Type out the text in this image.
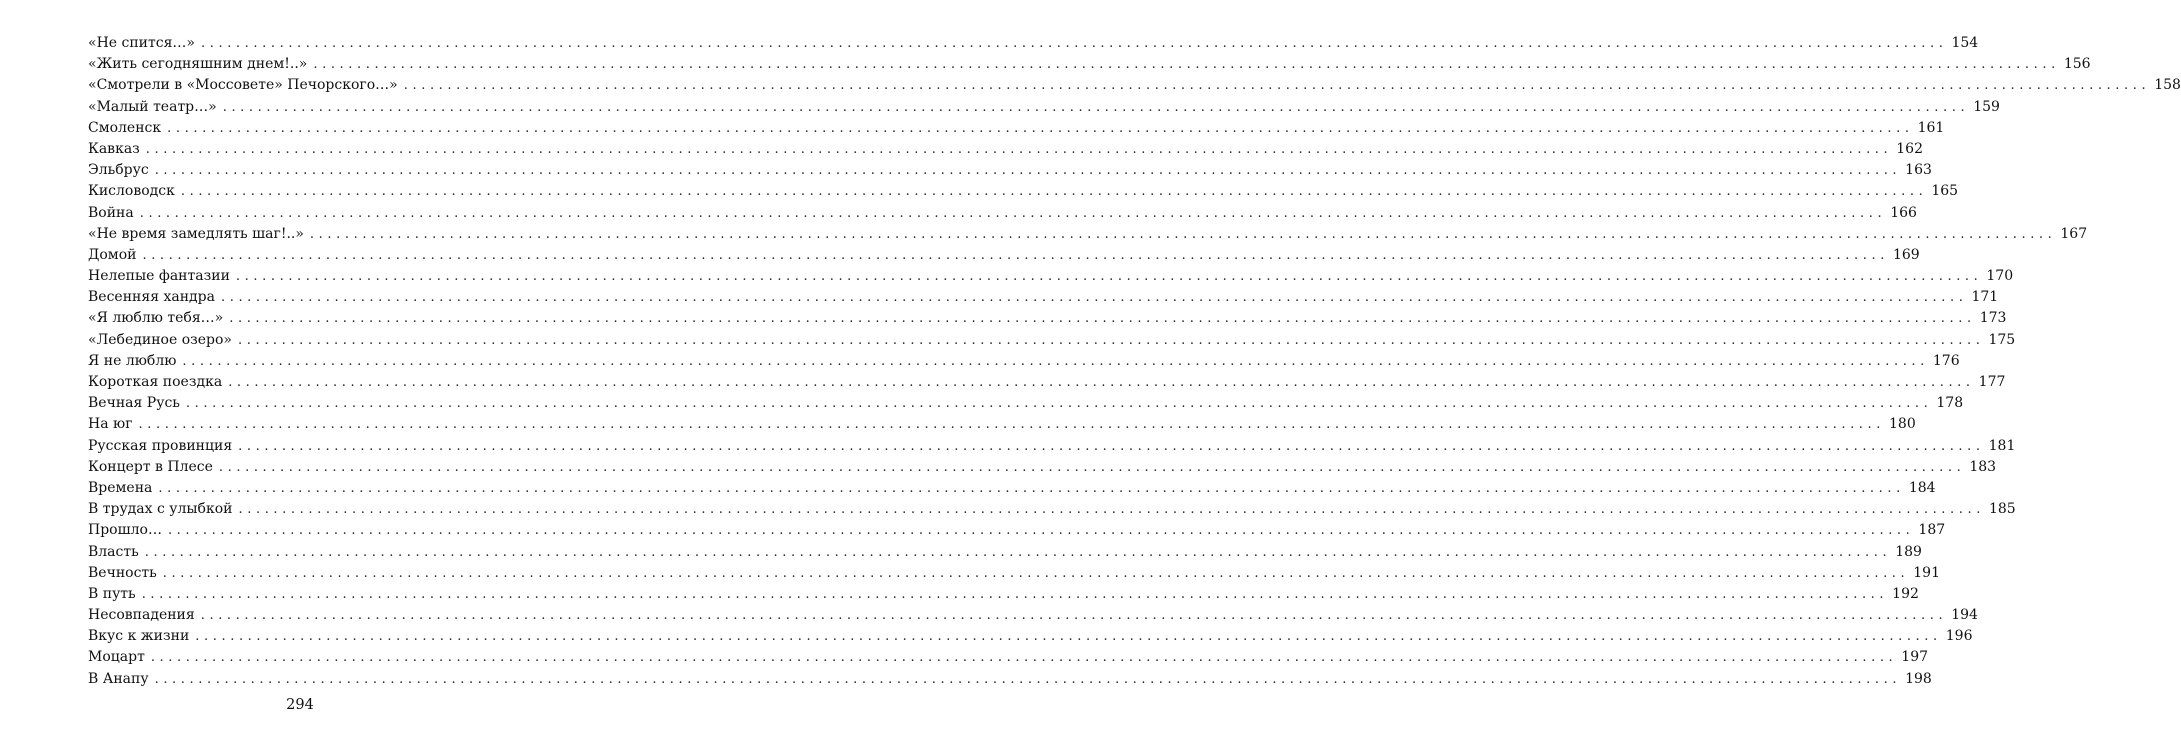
«Не спится…» ........................................................................................................................................................................................................ 154
«Жить сегодняшним днем!..» ........................................................................................................................................................................................................ 156
«Смотрели в «Моссовете» Печорского…» ........................................................................................................................................................................................................ 158
«Малый театр…» ........................................................................................................................................................................................................ 159
Смоленск ........................................................................................................................................................................................................ 161
Кавказ ........................................................................................................................................................................................................ 162
Эльбрус ........................................................................................................................................................................................................ 163
Кисловодск ........................................................................................................................................................................................................ 165
Война ........................................................................................................................................................................................................ 166
«Не время замедлять шаг!..» ........................................................................................................................................................................................................ 167
Домой ........................................................................................................................................................................................................ 169
Нелепые фантазии ........................................................................................................................................................................................................ 170
Весенняя хандра ........................................................................................................................................................................................................ 171
«Я люблю тебя…» ........................................................................................................................................................................................................ 173
«Лебединое озеро» ........................................................................................................................................................................................................ 175
Я не люблю ........................................................................................................................................................................................................ 176
Короткая поездка ........................................................................................................................................................................................................ 177
Вечная Русь ........................................................................................................................................................................................................ 178
На юг ........................................................................................................................................................................................................ 180
Русская провинция ........................................................................................................................................................................................................ 181
Концерт в Плесе ........................................................................................................................................................................................................ 183
Времена ........................................................................................................................................................................................................ 184
В трудах с улыбкой ........................................................................................................................................................................................................ 185
Прошло… ........................................................................................................................................................................................................ 187
Власть ........................................................................................................................................................................................................ 189
Вечность ........................................................................................................................................................................................................ 191
В путь ........................................................................................................................................................................................................ 192
Несовпадения ........................................................................................................................................................................................................ 194
Вкус к жизни ........................................................................................................................................................................................................ 196
Моцарт ........................................................................................................................................................................................................ 197
В Анапу ........................................................................................................................................................................................................ 198
294
